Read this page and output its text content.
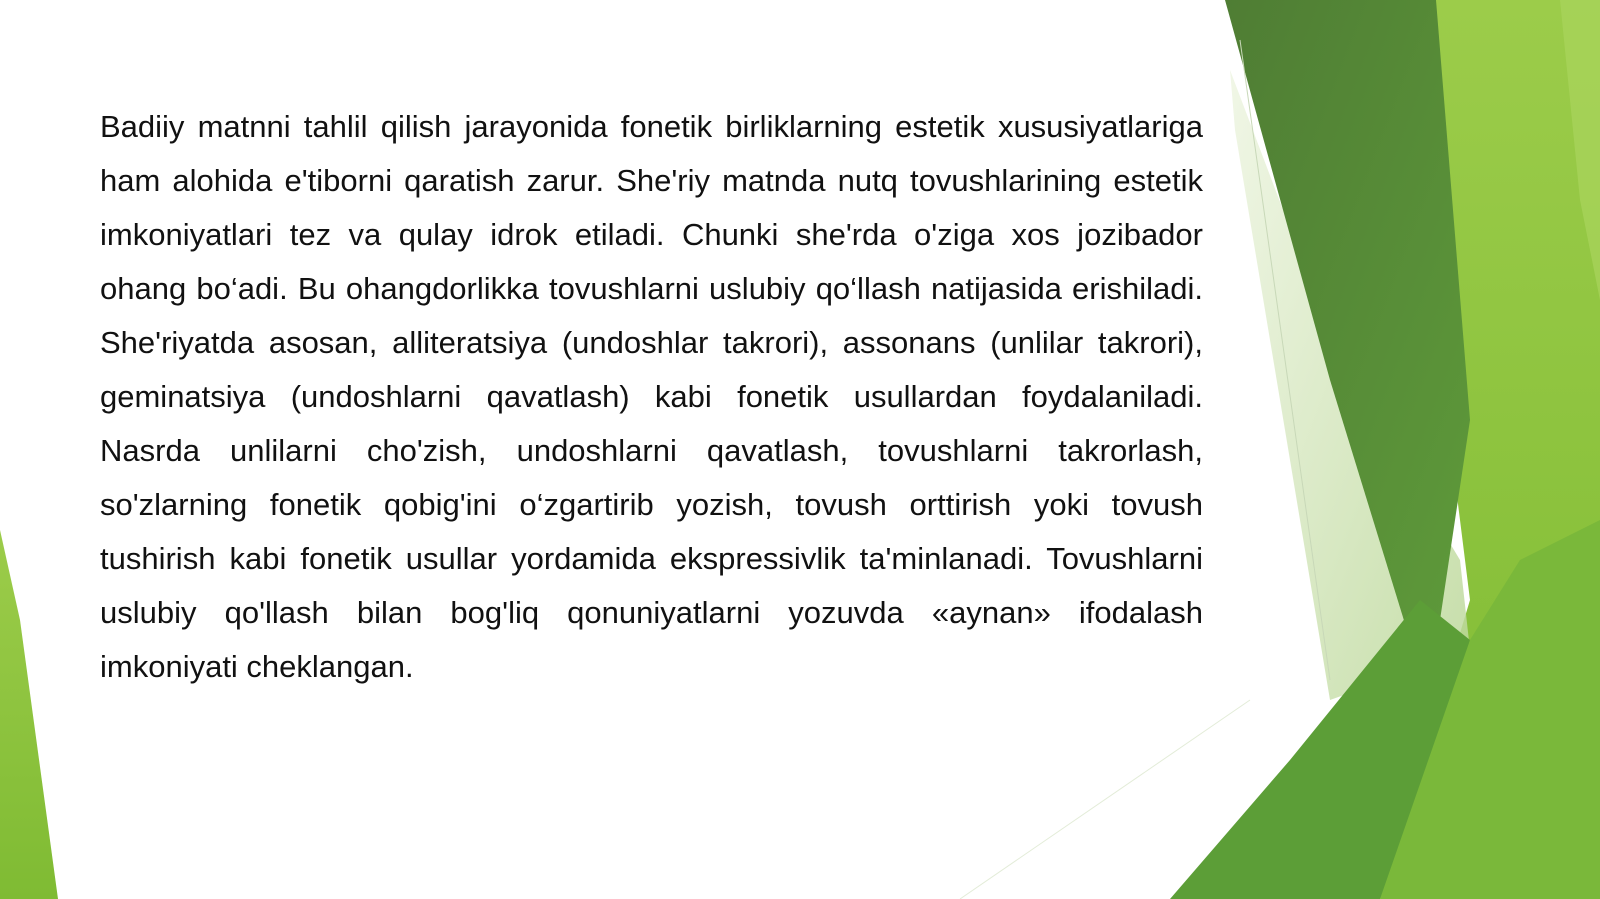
Badiiy matnni tahlil qilish jarayonida fonetik birliklarning estetik xususiyatlariga ham alohida e'tiborni qaratish zarur. She'riy matnda nutq tovushlarining estetik imkoniyatlari tez va qulay idrok etiladi. Chunki she'rda o'ziga xos jozibador ohang bo‘adi. Bu ohangdorlikka tovushlarni uslubiy qo‘llash natijasida erishiladi. She'riyatda asosan, alliteratsiya (undoshlar takrori), assonans (unlilar takrori), geminatsiya (undoshlarni qavatlash) kabi fonetik usullardan foydalaniladi. Nasrda unlilarni cho'zish, undoshlarni qavatlash, tovushlarni takrorlash, so'zlarning fonetik qobig'ini o‘zgartirib yozish, tovush orttirish yoki tovush tushirish kabi fonetik usullar yordamida ekspressivlik ta'minlanadi. Tovushlarni uslubiy qo'llash bilan bog'liq qonuniyatlarni yozuvda «aynan» ifodalash imkoniyati cheklangan.
